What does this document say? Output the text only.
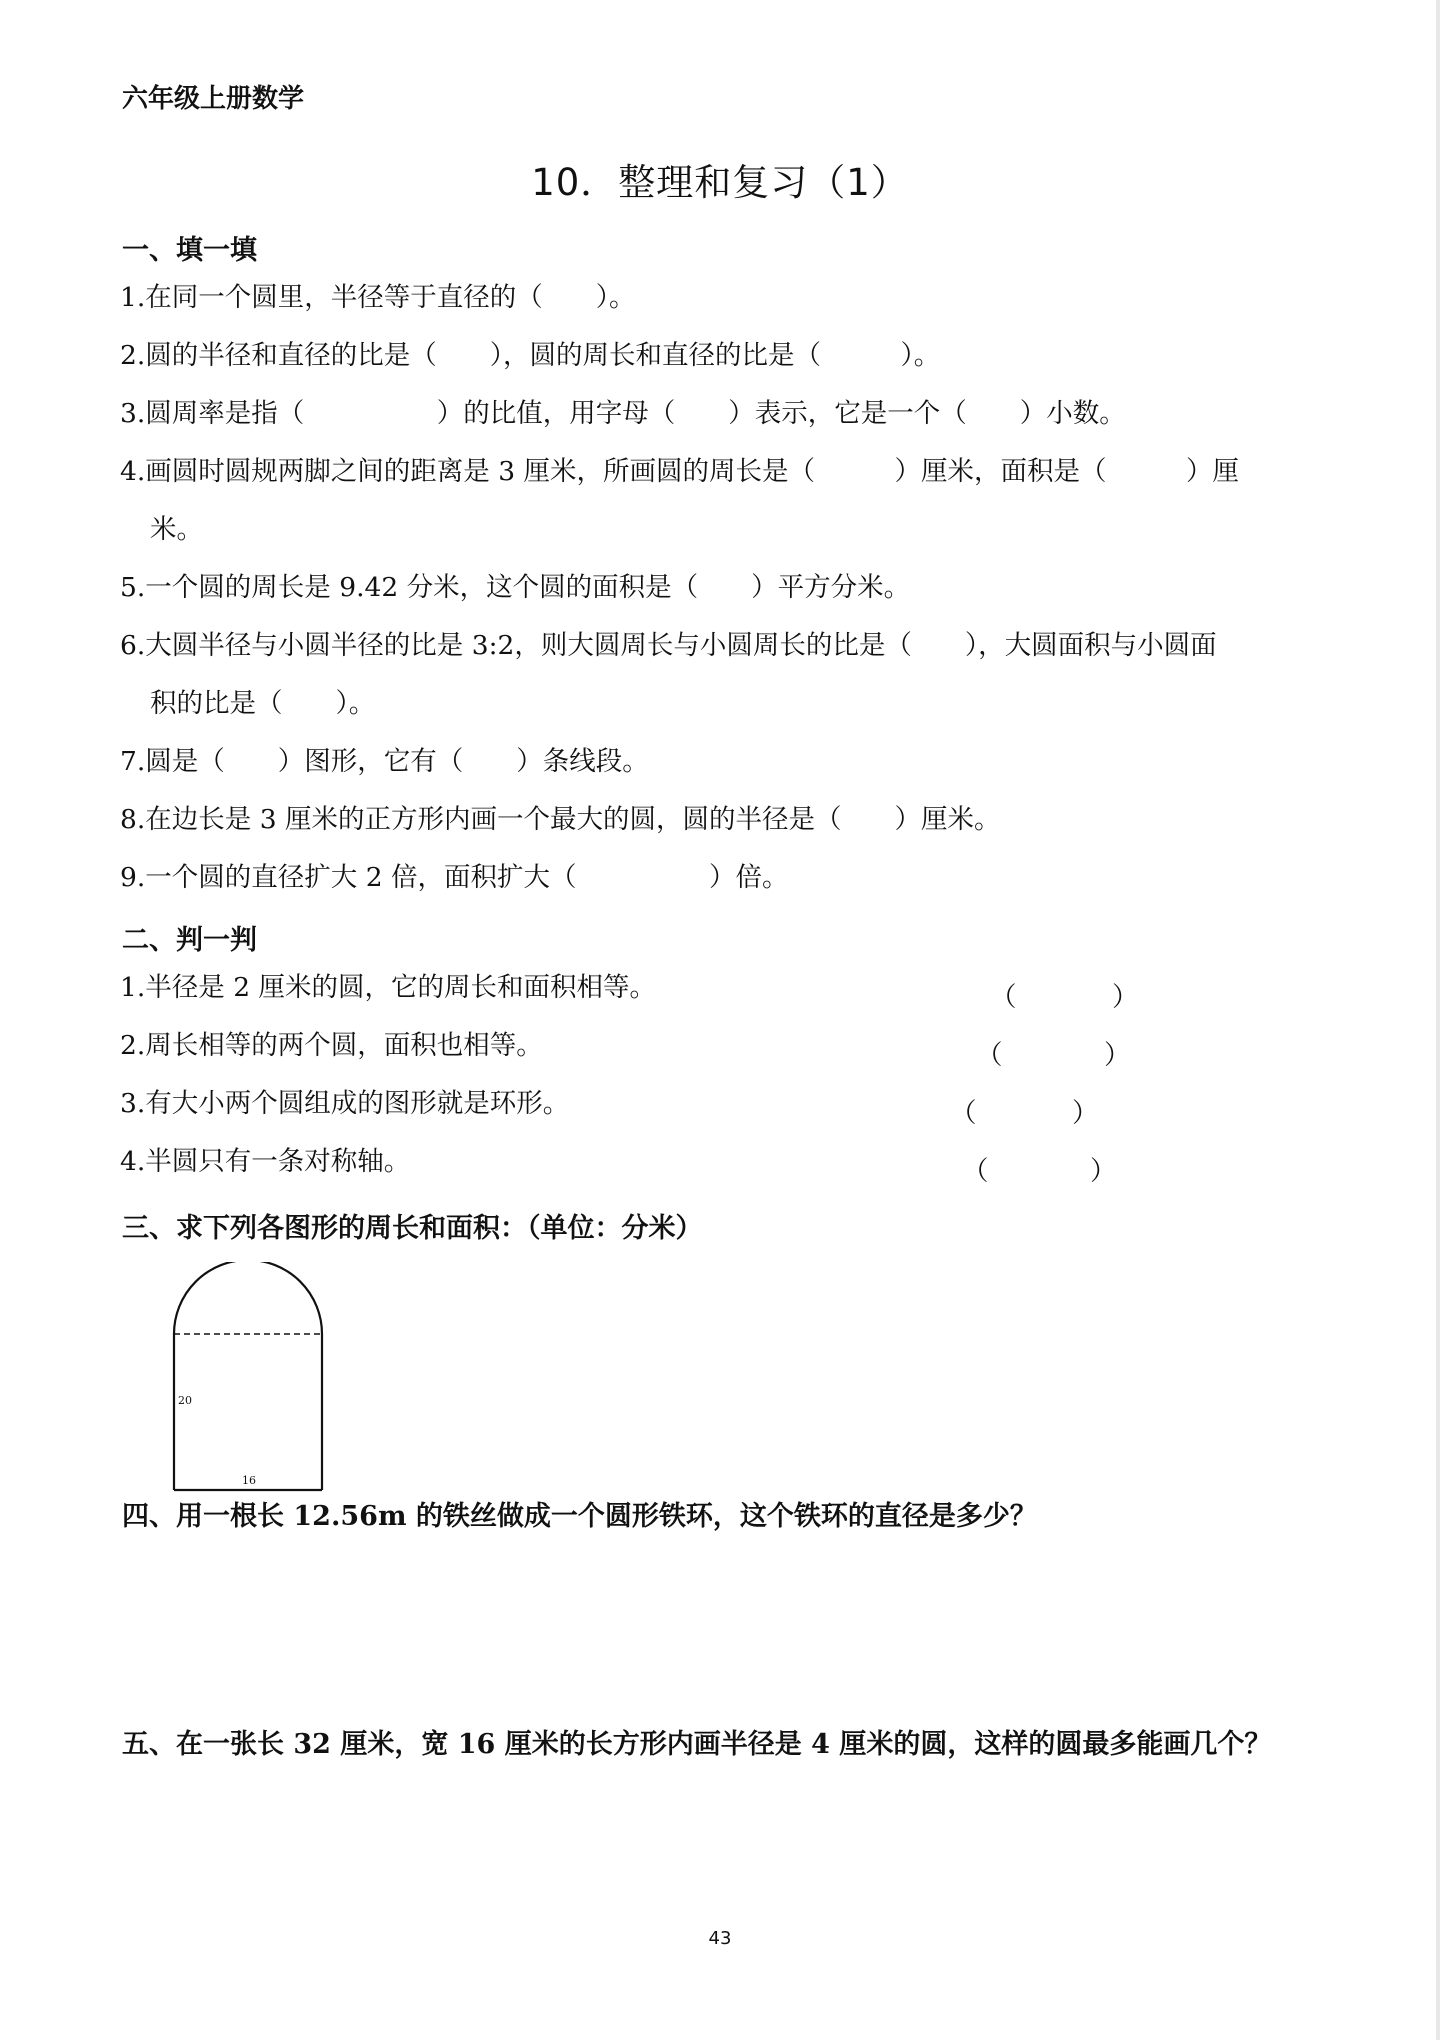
六年级上册数学
10．整理和复习（1）
一、填一填
1.在同一个圆里，半径等于直径的（　　）。
2.圆的半径和直径的比是（　　），圆的周长和直径的比是（　　　）。
3.圆周率是指（　　　　　）的比值，用字母（　　）表示，它是一个（　　）小数。
4.画圆时圆规两脚之间的距离是 3 厘米，所画圆的周长是（　　　）厘米，面积是（　　　）厘
米。
5.一个圆的周长是 9.42 分米，这个圆的面积是（　　）平方分米。
6.大圆半径与小圆半径的比是 3:2，则大圆周长与小圆周长的比是（　　），大圆面积与小圆面
积的比是（　　）。
7.圆是（　　）图形，它有（　　）条线段。
8.在边长是 3 厘米的正方形内画一个最大的圆，圆的半径是（　　）厘米。
9.一个圆的直径扩大 2 倍，面积扩大（　　　　　）倍。
二、判一判
1.半径是 2 厘米的圆，它的周长和面积相等。	（	）
2.周长相等的两个圆，面积也相等。	（	）
3.有大小两个圆组成的图形就是环形。	（	）
4.半圆只有一条对称轴。	（	）
三、求下列各图形的周长和面积：（单位：分米）
20
16
四、用一根长 12.56m 的铁丝做成一个圆形铁环，这个铁环的直径是多少？
五、在一张长 32 厘米，宽 16 厘米的长方形内画半径是 4 厘米的圆，这样的圆最多能画几个？
43
